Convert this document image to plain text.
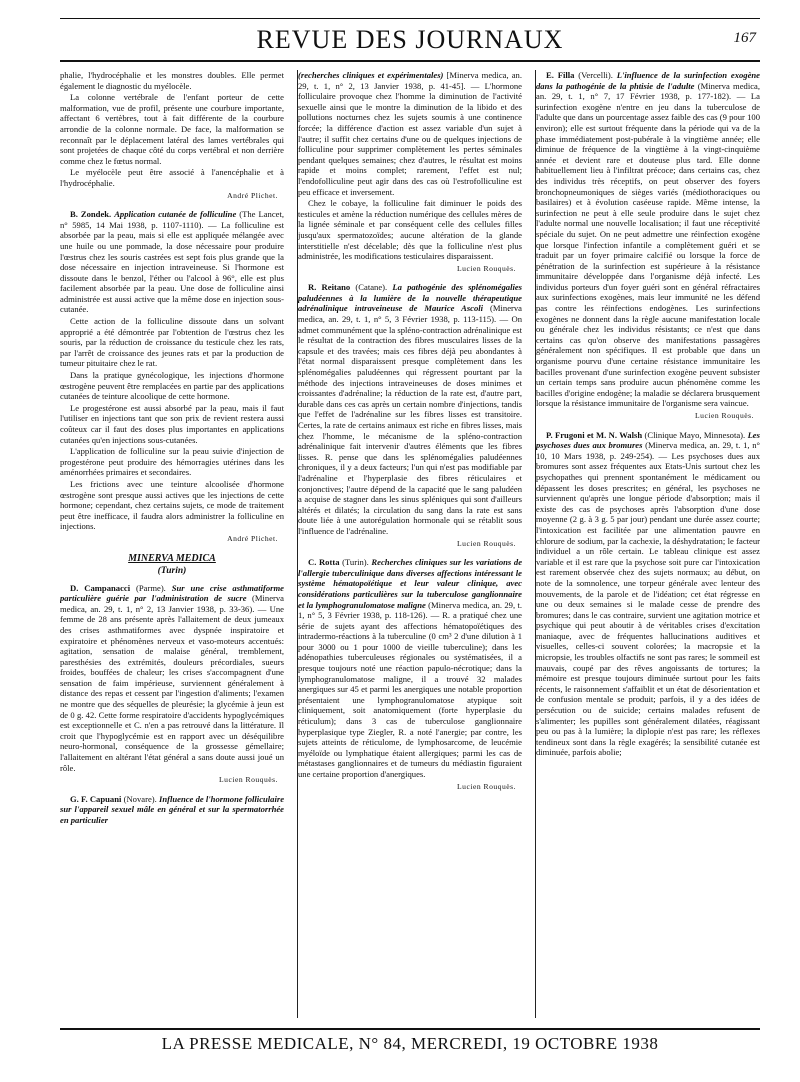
REVUE DES JOURNAUX	167

phalie, l'hydrocéphalie et les monstres doubles. Elle permet également le diagnostic du myélocèle.

La colonne vertébrale de l'enfant porteur de cette malformation, vue de profil, présente une courbure importante, affectant 6 vertèbres, tout à fait différente de la courbure arrondie de la colonne normale. De face, la malformation se reconnaît par le déplacement latéral des lames vertébrales qui sont projetées de chaque côté du corps vertébral et non derrière comme chez le fœtus normal.

Le myélocèle peut être associé à l'anencéphalie et à l'hydrocéphalie.

André Plichet.

B. Zondek. Application cutanée de folliculine (The Lancet, n° 5985, 14 Mai 1938, p. 1107-1110). — La folliculine est absorbée par la peau, mais si elle est appliquée mélangée avec une huile ou une pommade, la dose nécessaire pour produire l'œstrus chez les souris castrées est sept fois plus grande que la dose nécessaire en injection intraveineuse. Si l'hormone est dissoute dans le benzol, l'éther ou l'alcool à 96°, elle est plus facilement absorbée par la peau. Une dose de folliculine ainsi administrée est aussi active que la même dose en injection sous-cutanée.

Cette action de la folliculine dissoute dans un solvant approprié a été démontrée par l'obtention de l'œstrus chez les souris, par la réduction de croissance du testicule chez les rats, par l'arrêt de croissance des jeunes rats et par la production de tumeur pituitaire chez le rat.

Dans la pratique gynécologique, les injections d'hormone œstrogène peuvent être remplacées en partie par des applications cutanées de teinture alcoolique de cette hormone.

Le progestérone est aussi absorbé par la peau, mais il faut l'utiliser en injections tant que son prix de revient restera aussi coûteux car il faut des doses plus importantes en applications cutanées qu'en injections sous-cutanées.

L'application de folliculine sur la peau suivie d'injection de progestérone peut produire des hémorragies utérines dans les aménorrhées primaires et secondaires.

Les frictions avec une teinture alcoolisée d'hormone œstrogène sont presque aussi actives que les injections de cette hormone; cependant, chez certains sujets, ce mode de traitement peut être inefficace, il faudra alors administrer la folliculine en injections.

André Plichet.
MINERVA MEDICA
(Turin)

D. Campanacci (Parme). Sur une crise asthmatiforme particulière guérie par l'administration de sucre (Minerva medica, an. 29, t. 1, n° 2, 13 Janvier 1938, p. 33-36). — Une femme de 28 ans présente après l'allaitement de deux jumeaux des crises asthmatiformes avec dyspnée inspiratoire et expiratoire et phénomènes nerveux et vaso-moteurs accentués: agitation, sensation de malaise général, tremblement, paresthésies des extrémités, douleurs précordiales, sueurs froides, bouffées de chaleur; les crises s'accompagnent d'une sensation de faim impérieuse, surviennent généralement à distance des repas et cessent par l'ingestion d'aliments; l'examen ne montre que des séquelles de pleurésie; la glycémie à jeun est de 0 g. 42. Cette forme respiratoire d'accidents hypoglycémiques est exceptionnelle et C. n'en a pas retrouvé dans la littérature. Il croit que l'hypoglycémie est en rapport avec un déséquilibre neuro-hormonal, conséquence de la grossesse gémellaire; l'allaitement en altérant l'état général a sans doute aussi joué un rôle.

Lucien Rouquès.

G. F. Capuani (Novare). Influence de l'hormone folliculaire sur l'appareil sexuel mâle en général et sur la spermatorrhée en particulier

(recherches cliniques et expérimentales) [Minerva medica, an. 29, t. 1, n° 2, 13 Janvier 1938, p. 41-45]. — L'hormone folliculaire provoque chez l'homme la diminution de l'activité sexuelle ainsi que le montre la diminution de la libido et des pollutions nocturnes chez les sujets soumis à une continence forcée; la différence d'action est assez variable d'un sujet à l'autre; il suffit chez certains d'une ou de quelques injections de folliculine pour supprimer complètement les pertes séminales pendant quelques semaines; chez d'autres, le résultat est moins rapide et moins complet; rarement, l'effet est nul; l'endofolliculine peut agir dans des cas où l'estrofolliculine est peu efficace et inversement.

Chez le cobaye, la folliculine fait diminuer le poids des testicules et amène la réduction numérique des cellules mères de la lignée séminale et par conséquent celle des cellules filles jusqu'aux spermatozoïdes; aucune altération de la glande interstitielle n'est décelable; dès que la folliculine n'est plus administrée, les modifications testiculaires disparaissent.

Lucien Rouquès.

R. Reitano (Catane). La pathogénie des splénomégalies paludéennes à la lumière de la nouvelle thérapeutique adrénalinique intraveineuse de Maurice Ascoli (Minerva medica, an. 29, t. 1, n° 5, 3 Février 1938, p. 113-115). — On admet communément que la spléno-contraction adrénalinique est le résultat de la contraction des fibres musculaires lisses de la capsule et des travées; mais ces fibres déjà peu abondantes à l'état normal disparaissent presque complètement dans les splénomégalies paludéennes qui régressent pourtant par la méthode des injections intraveineuses de doses minimes et croissantes d'adrénaline; la réduction de la rate est, d'autre part, durable dans ces cas après un certain nombre d'injections, tandis que l'effet de l'adrénaline sur les fibres lisses est transitoire. Certes, la rate de certains animaux est riche en fibres lisses, mais chez l'homme, le mécanisme de la spléno-contraction adrénalinique fait intervenir d'autres éléments que les fibres lisses. R. pense que dans les splénomégalies paludéennes chroniques, il y a deux facteurs; l'un qui n'est pas modifiable par l'adrénaline et l'hyperplasie des fibres réticulaires et conjonctives; l'autre dépend de la capacité que le sang paludéen a acquise de stagner dans les sinus spléniques qui sont d'ailleurs altérés et dilatés; la circulation du sang dans la rate est sans doute liée à une autorégulation hormonale qui se rétablit sous l'influence de l'adrénaline.

Lucien Rouquès.

C. Rotta (Turin). Recherches cliniques sur les variations de l'allergie tuberculinique dans diverses affections intéressant le système hématopoïétique et leur valeur clinique, avec considérations particulières sur la tuberculose ganglionnaire et la lymphogranulomatose maligne (Minerva medica, an. 29, t. 1, n° 5, 3 Février 1938, p. 118-126). — R. a pratiqué chez une série de sujets ayant des affections hématopoïétiques des intradermo-réactions à la tuberculine (0 cm³ 2 d'une dilution à 1 pour 3000 ou 1 pour 1000 de vieille tuberculine); dans les adénopathies tuberculeuses régionales ou systématisées, il a presque toujours noté une réaction papulo-nécrotique; dans la lymphogranulomatose maligne, il a trouvé 32 malades anergiques sur 45 et parmi les anergiques une notable proportion présentaient une lymphogranulomatose atypique soit cliniquement, soit anatomiquement (forte hyperplasie du réticulum); dans 3 cas de tuberculose ganglionnaire hyperplasique type Ziegler, R. a noté l'anergie; par contre, les sujets atteints de réticulome, de lymphosarcome, de leucémie myéloïde ou lymphatique étaient allergiques; parmi les cas de métastases ganglionnaires et de tumeurs du médiastin figuraient une certaine proportion d'anergiques.

Lucien Rouquès.

E. Filla (Vercelli). L'influence de la surinfection exogène dans la pathogénie de la phtisie de l'adulte (Minerva medica, an. 29, t. 1, n° 7, 17 Février 1938, p. 177-182). — La surinfection exogène n'entre en jeu dans la tuberculose de l'adulte que dans un pourcentage assez faible des cas (9 pour 100 environ); elle est surtout fréquente dans la période qui va de la phase immédiatement post-pubérale à la vingtième année; elle diminue de fréquence de la vingtième à la vingt-cinquième année et devient rare et douteuse plus tard. Elle donne habituellement lieu à l'infiltrat précoce; dans certains cas, chez des individus très réceptifs, on peut observer des foyers bronchopneumoniques de sièges variés (médiothoraciques ou basilaires) et à évolution caséeuse rapide. Même intense, la surinfection ne peut à elle seule produire dans le sujet chez l'adulte normal une nouvelle localisation; il faut une réceptivité spéciale du sujet. On ne peut admettre une réinfection exogène que lorsque l'infection infantile a complètement guéri et se traduit par un foyer primaire calcifié ou lorsque la force de pénétration de la surinfection est supérieure à la résistance immunitaire développée dans l'organisme déjà infecté. Les individus porteurs d'un foyer guéri sont en général réfractaires aux surinfections exogènes, mais leur immunité ne les défend pas contre les réinfections endogènes. Les surinfections exogènes ne donnent dans la règle aucune manifestation locale ou générale chez les individus résistants; ce n'est que dans certains cas qu'on observe des manifestations passagères généralement non spécifiques. Il est probable que dans un organisme pourvu d'une certaine résistance immunitaire les bacilles provenant d'une surinfection exogène peuvent subsister un certain temps sans produire aucun phénomène comme les bacilles d'origine endogène; la maladie se déclarera brusquement lorsque la résistance immunitaire de l'organisme sera vaincue.

Lucien Rouquès.

P. Frugoni et M. N. Walsh (Clinique Mayo, Minnesota). Les psychoses dues aux bromures (Minerva medica, an. 29, t. 1, n° 10, 10 Mars 1938, p. 249-254). — Les psychoses dues aux bromures sont assez fréquentes aux Etats-Unis surtout chez les psychopathes qui prennent spontanément le médicament ou dépassent les doses prescrites; en général, les psychoses ne surviennent qu'après une longue période d'absorption; mais il existe des cas de psychoses après l'absorption d'une dose moyenne (2 g. à 3 g. 5 par jour) pendant une durée assez courte; l'intoxication est facilitée par une alimentation pauvre en chlorure de sodium, par la cachexie, la déshydratation; le facteur individuel a un rôle certain. Le tableau clinique est assez variable et il est rare que la psychose soit pure car l'intoxication est rarement observée chez des sujets normaux; au début, on note de la somnolence, une torpeur générale avec lenteur des mouvements, de la parole et de l'idéation; cet état régresse en une ou deux semaines si le malade cesse de prendre des bromures; dans le cas contraire, survient une agitation motrice et psychique qui peut aboutir à de véritables crises d'excitation maniaque, avec de fréquentes hallucinations auditives et visuelles, celles-ci souvent colorées; la macropsie et la micropsie, les troubles olfactifs ne sont pas rares; le sommeil est mauvais, coupé par des rêves angoissants de tortures; la mémoire est presque toujours diminuée surtout pour les faits récents, le raisonnement s'affaiblit et un état de désorientation et de confusion mentale se produit; parfois, il y a des idées de persécution ou de suicide; certains malades refusent de s'alimenter; les pupilles sont généralement dilatées, réagissant peu ou pas à la lumière; la diplopie n'est pas rare; les réflexes tendineux sont dans la règle exagérés; la sensibilité cutanée est diminuée, parfois abolie;

LA PRESSE MEDICALE, N° 84, MERCREDI, 19 OCTOBRE 1938
